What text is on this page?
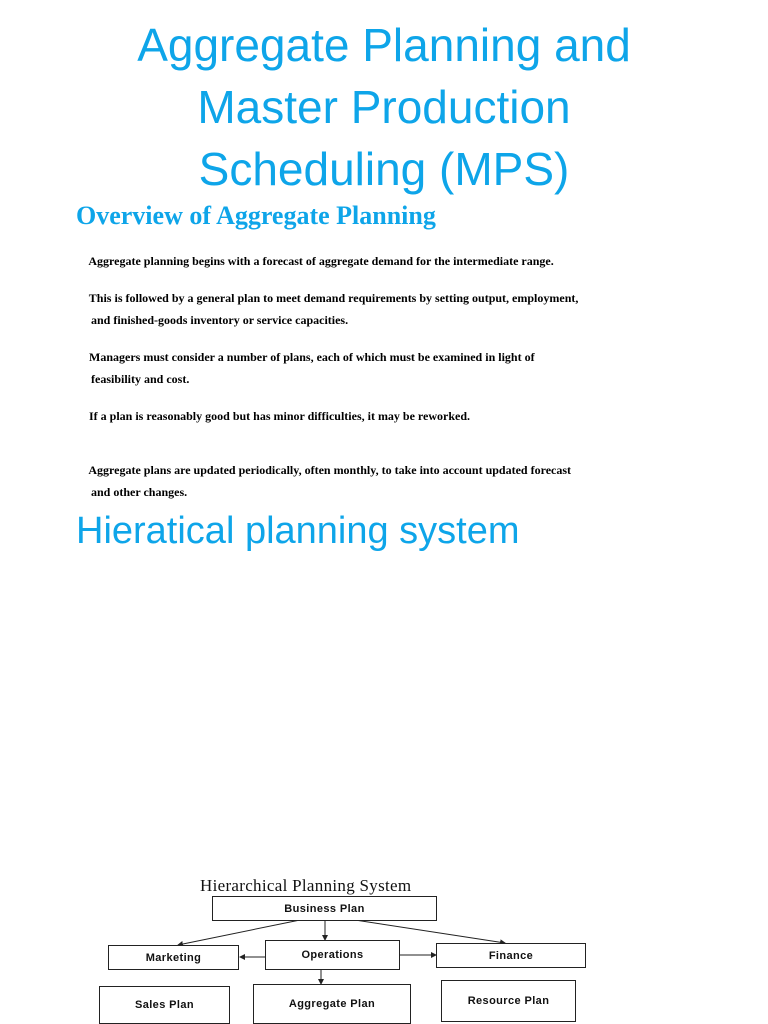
Aggregate Planning and
Master Production
Scheduling (MPS)
Overview of Aggregate Planning

Aggregate planning begins with a forecast of aggregate demand for the intermediate range.

This is followed by a general plan to meet demand requirements by setting output, employment,
and finished-goods inventory or service capacities.

Managers must consider a number of plans, each of which must be examined in light of
feasibility and cost.

If a plan is reasonably good but has minor difficulties, it may be reworked.

Aggregate plans are updated periodically, often monthly, to take into account updated forecast
and other changes.

Hieratical planning system
Hierarchical Planning System
Business Plan
Marketing	Operations	Finance
Sales Plan	Aggregate Plan	Resource Plan
